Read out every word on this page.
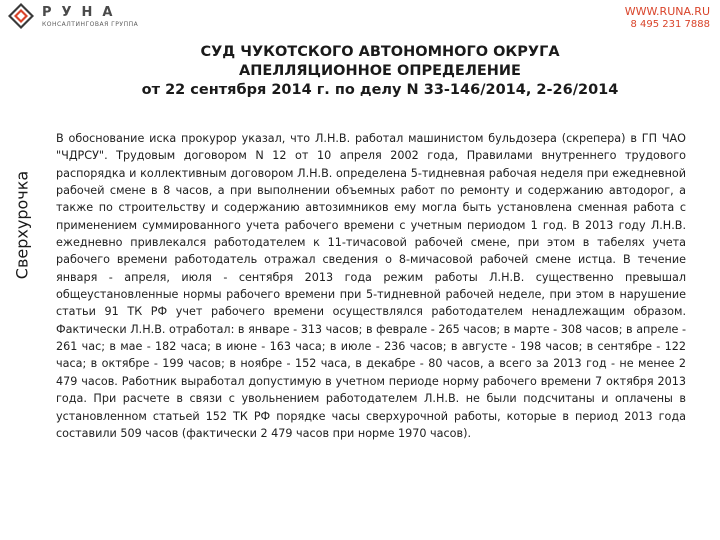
РУНА
КОНСАЛТИНГОВАЯ ГРУППА
WWW.RUNA.RU
8 495 231 7888
СУД ЧУКОТСКОГО АВТОНОМНОГО ОКРУГА
АПЕЛЛЯЦИОННОЕ ОПРЕДЕЛЕНИЕ
от 22 сентября 2014 г. по делу N 33-146/2014, 2-26/2014
Сверхурочка

В обоснование иска прокурор указал, что Л.Н.В. работал машинистом бульдозера (скрепера) в ГП ЧАО "ЧДРСУ". Трудовым договором N 12 от 10 апреля 2002 года, Правилами внутреннего трудового распорядка и коллективным договором Л.Н.В. определена 5-тидневная рабочая неделя при ежедневной рабочей смене в 8 часов, а при выполнении объемных работ по ремонту и содержанию автодорог, а также по строительству и содержанию автозимников ему могла быть установлена сменная работа с применением суммированного учета рабочего времени с учетным периодом 1 год. В 2013 году Л.Н.В. ежедневно привлекался работодателем к 11-тичасовой рабочей смене, при этом в табелях учета рабочего времени работодатель отражал сведения о 8-мичасовой рабочей смене истца. В течение января - апреля, июля - сентября 2013 года режим работы Л.Н.В. существенно превышал общеустановленные нормы рабочего времени при 5-тидневной рабочей неделе, при этом в нарушение статьи 91 ТК РФ учет рабочего времени осуществлялся работодателем ненадлежащим образом. Фактически Л.Н.В. отработал: в январе - 313 часов; в феврале - 265 часов; в марте - 308 часов; в апреле - 261 час; в мае - 182 часа; в июне - 163 часа; в июле - 236 часов; в августе - 198 часов; в сентябре - 122 часа; в октябре - 199 часов; в ноябре - 152 часа, в декабре - 80 часов, а всего за 2013 год - не менее 2 479 часов. Работник выработал допустимую в учетном периоде норму рабочего времени 7 октября 2013 года. При расчете в связи с увольнением работодателем Л.Н.В. не были подсчитаны и оплачены в установленном статьей 152 ТК РФ порядке часы сверхурочной работы, которые в период 2013 года составили 509 часов (фактически 2 479 часов при норме 1970 часов).
